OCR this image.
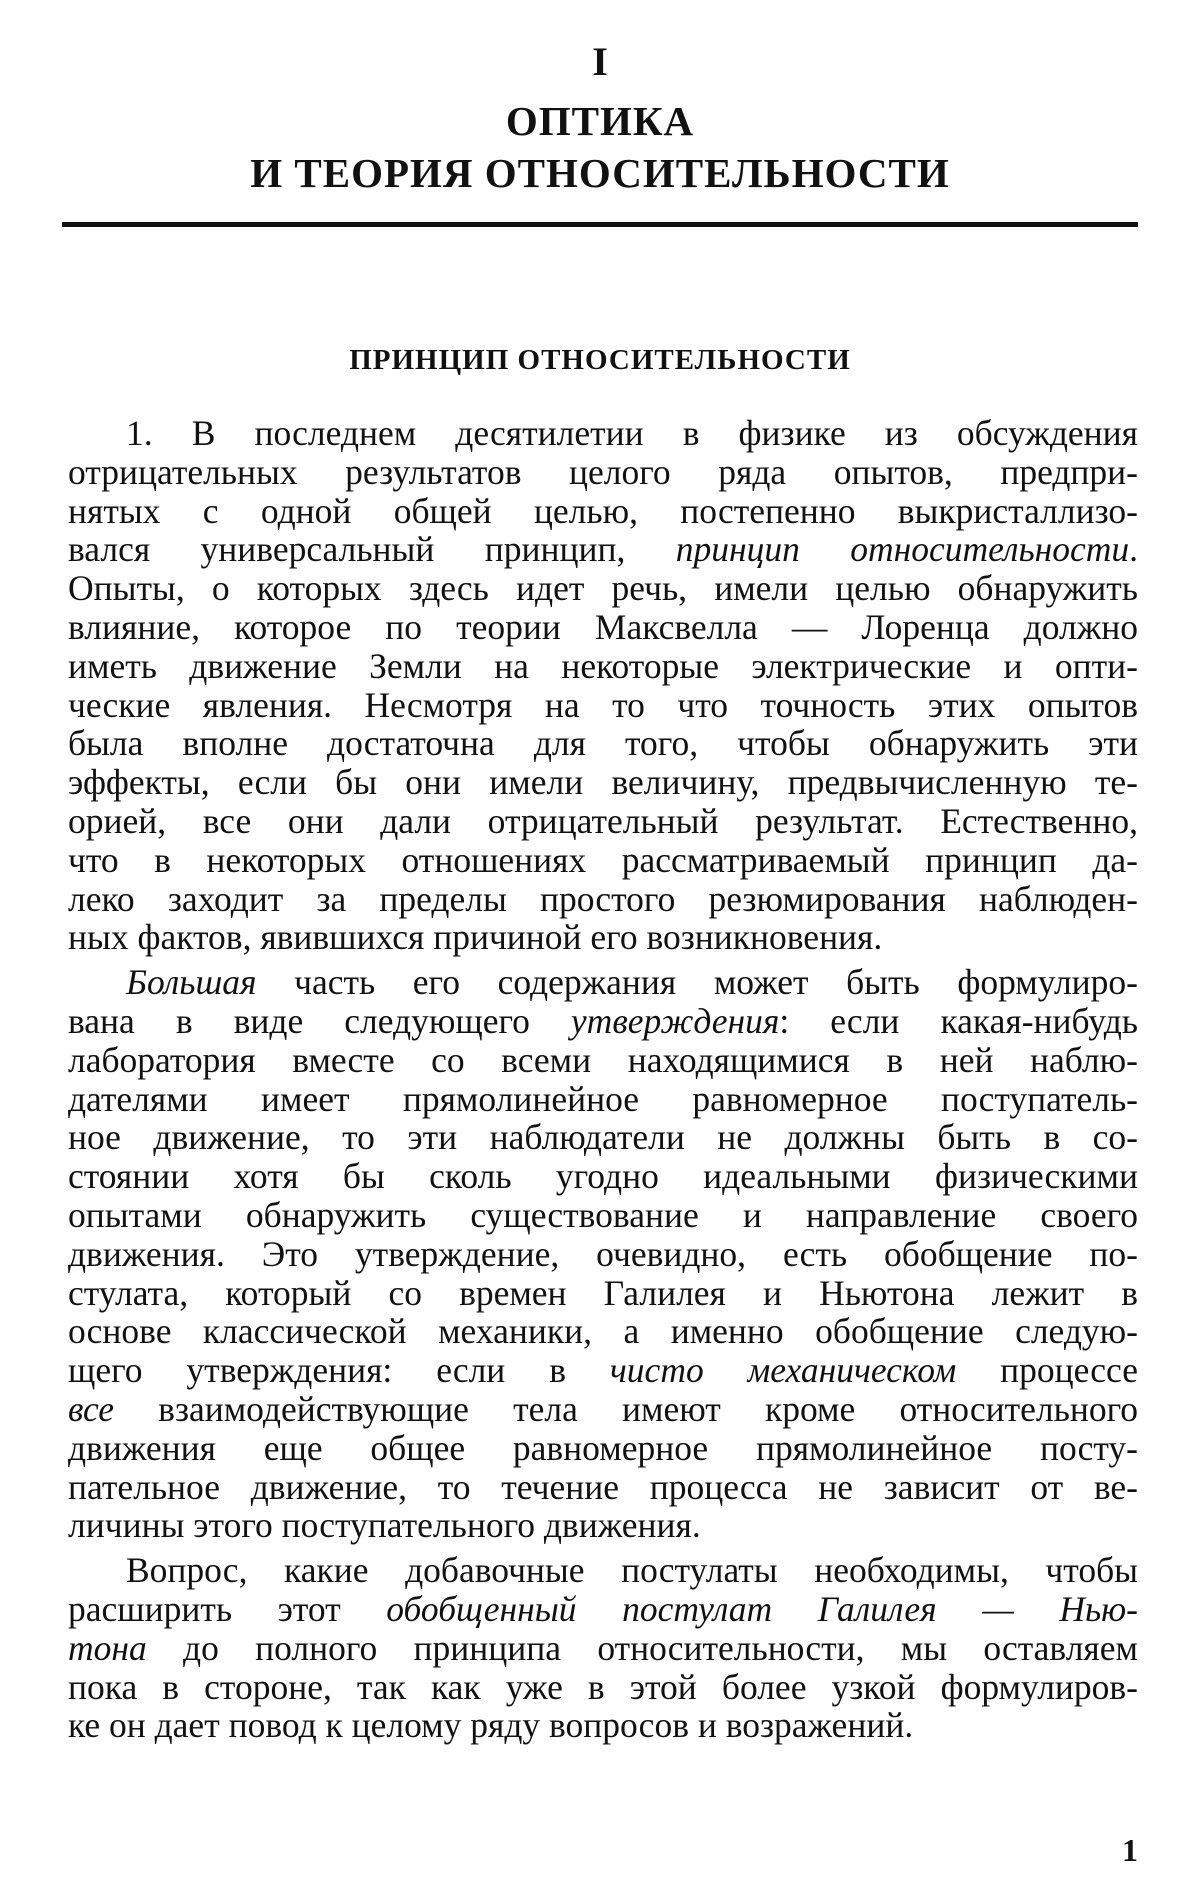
I
ОПТИКА
И ТЕОРИЯ ОТНОСИТЕЛЬНОСТИ
ПРИНЦИП ОТНОСИТЕЛЬНОСТИ
1. В последнем десятилетии в физике из обсуждения
отрицательных результатов целого ряда опытов, предпри-
нятых с одной общей целью, постепенно выкристаллизо-
вался универсальный принцип, принцип относительности.
Опыты, о которых здесь идет речь, имели целью обнаружить
влияние, которое по теории Максвелла — Лоренца должно
иметь движение Земли на некоторые электрические и опти-
ческие явления. Несмотря на то что точность этих опытов
была вполне достаточна для того, чтобы обнаружить эти
эффекты, если бы они имели величину, предвычисленную те-
орией, все они дали отрицательный результат. Естественно,
что в некоторых отношениях рассматриваемый принцип да-
леко заходит за пределы простого резюмирования наблюден-
ных фактов, явившихся причиной его возникновения.
Большая часть его содержания может быть формулиро-
вана в виде следующего утверждения: если какая-нибудь
лаборатория вместе со всеми находящимися в ней наблю-
дателями имеет прямолинейное равномерное поступатель-
ное движение, то эти наблюдатели не должны быть в со-
стоянии хотя бы сколь угодно идеальными физическими
опытами обнаружить существование и направление своего
движения. Это утверждение, очевидно, есть обобщение по-
стулата, который со времен Галилея и Ньютона лежит в
основе классической механики, а именно обобщение следую-
щего утверждения: если в чисто механическом процессе
все взаимодействующие тела имеют кроме относительного
движения еще общее равномерное прямолинейное посту-
пательное движение, то течение процесса не зависит от ве-
личины этого поступательного движения.
Вопрос, какие добавочные постулаты необходимы, чтобы
расширить этот обобщенный постулат Галилея — Нью-
тона до полного принципа относительности, мы оставляем
пока в стороне, так как уже в этой более узкой формулиров-
ке он дает повод к целому ряду вопросов и возражений.
1
